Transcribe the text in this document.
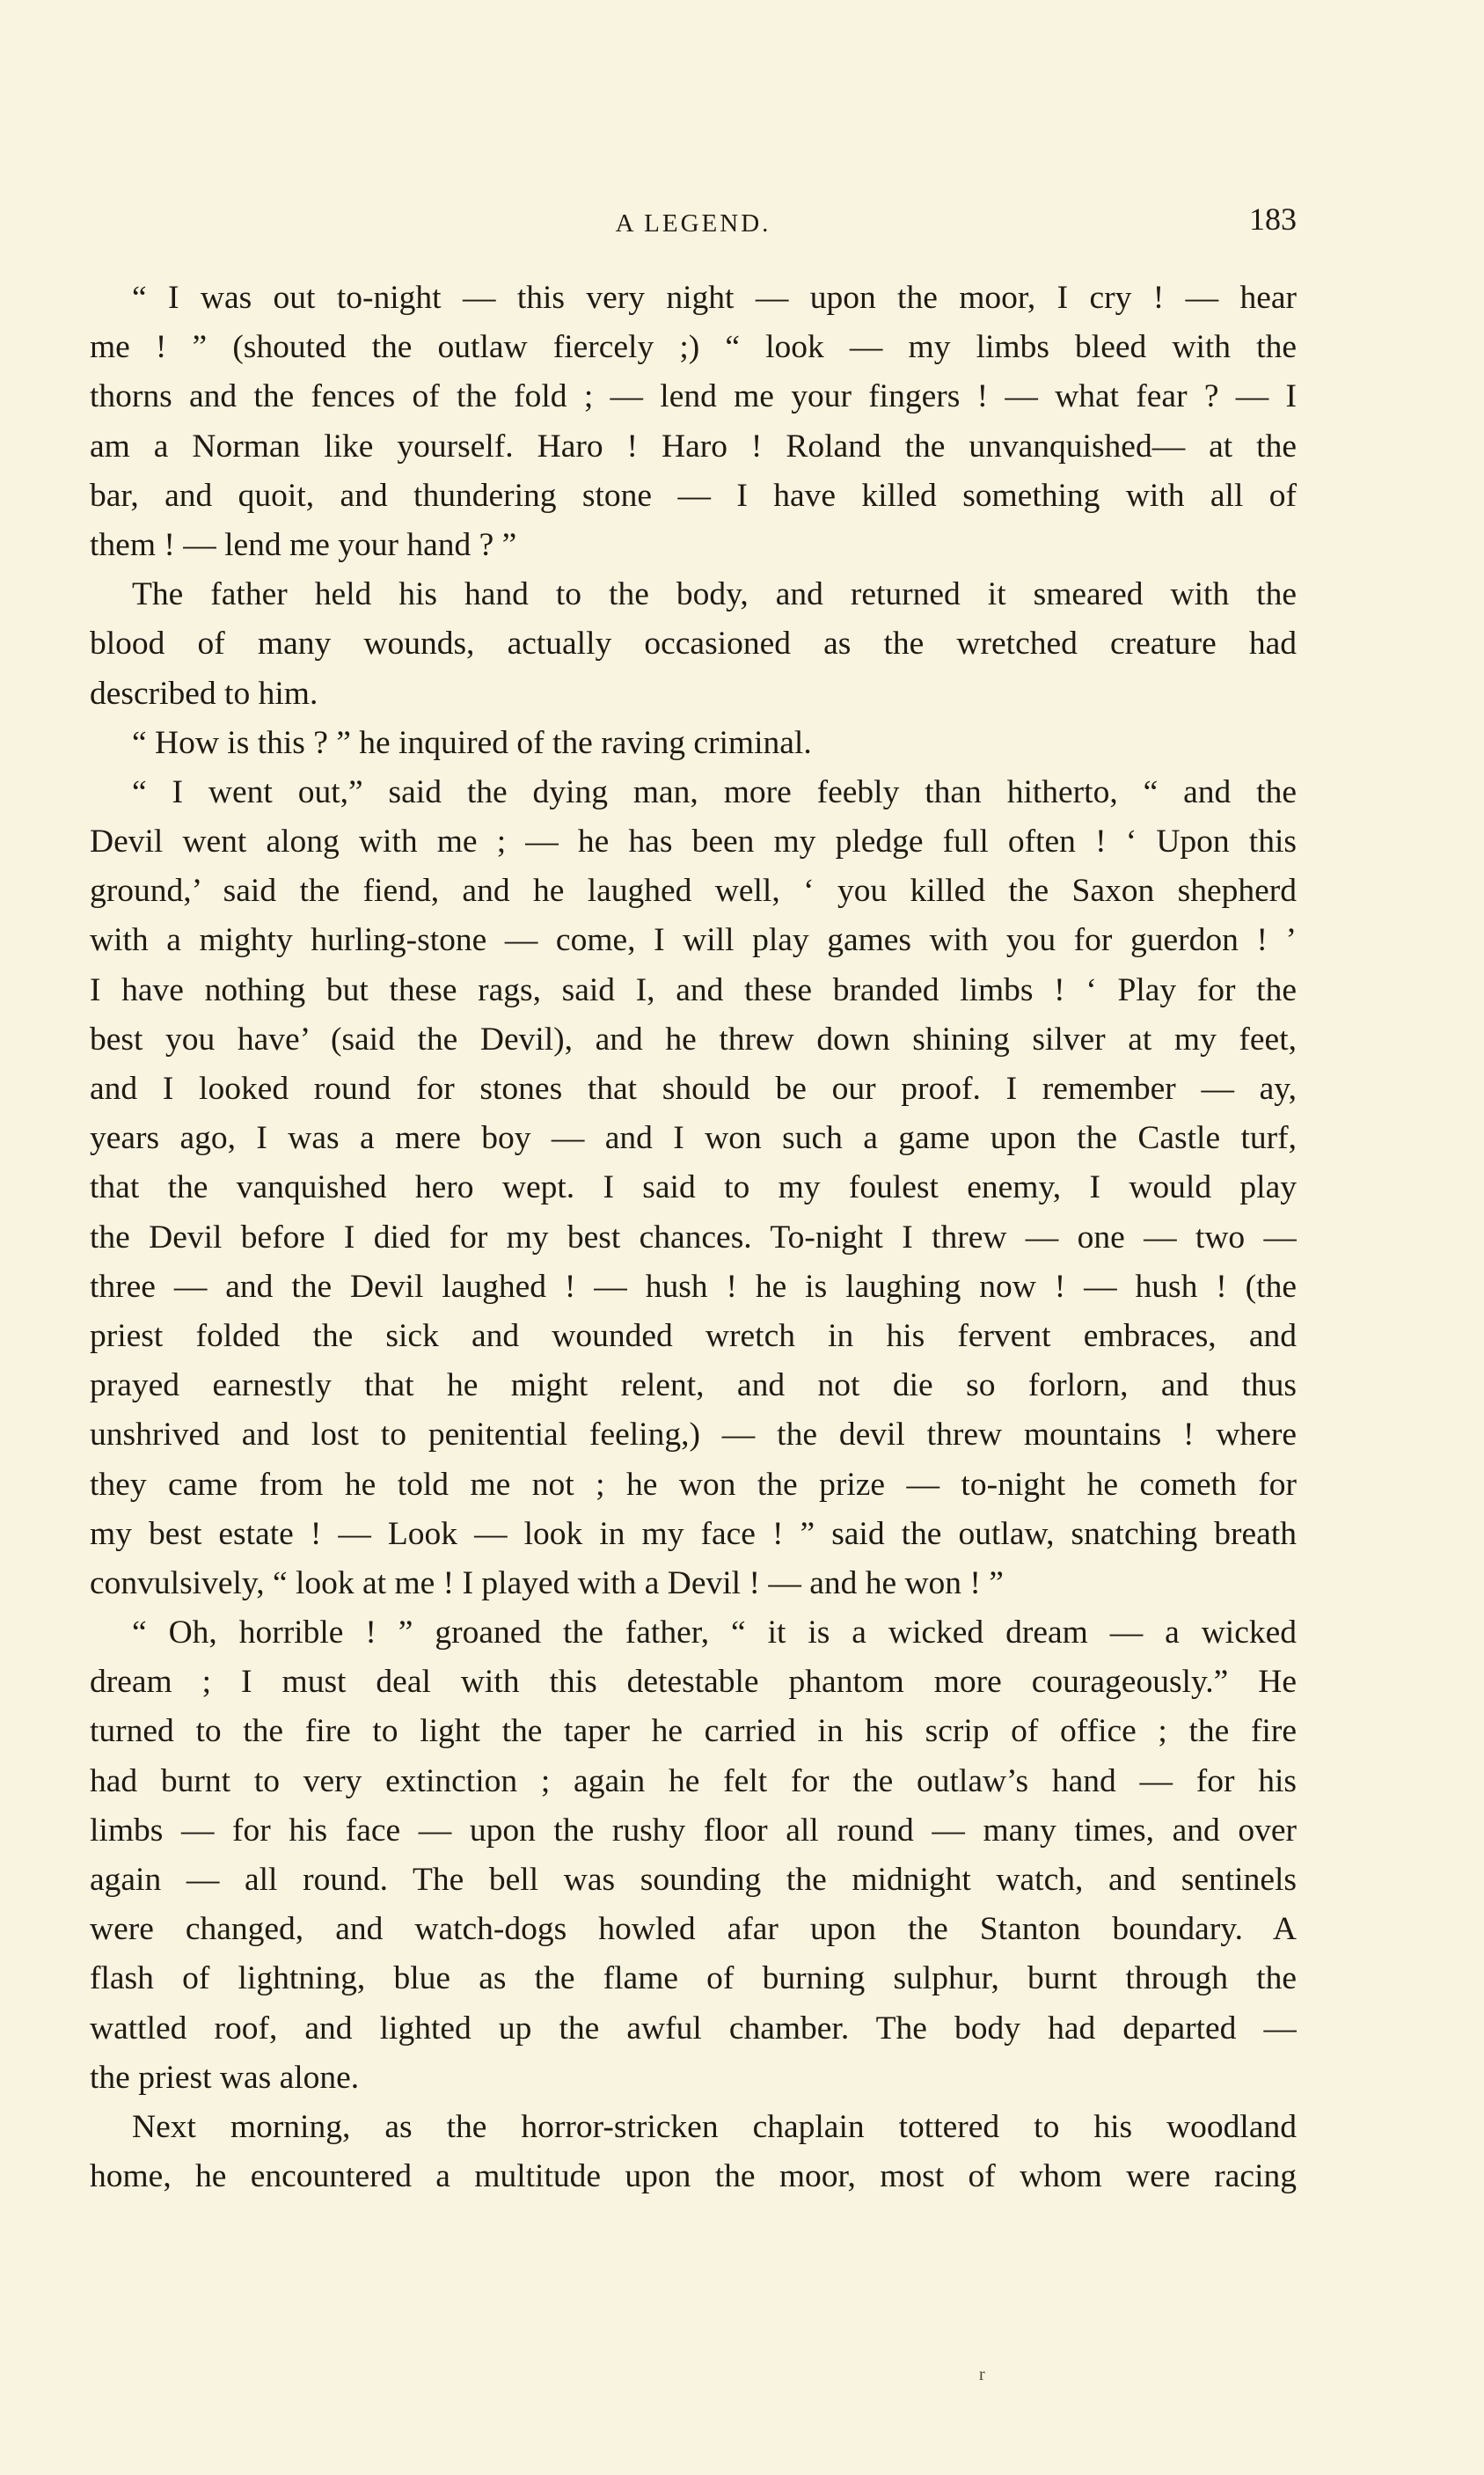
A LEGEND.	183
“ I was out to-night — this very night — upon the moor, I cry ! — hear
me ! ” (shouted the outlaw fiercely ;) “ look — my limbs bleed with the
thorns and the fences of the fold ; — lend me your fingers ! — what fear ? — I
am a Norman like yourself. Haro ! Haro ! Roland the unvanquished— at the
bar, and quoit, and thundering stone — I have killed something with all of
them ! — lend me your hand ? ”
The father held his hand to the body, and returned it smeared with the
blood of many wounds, actually occasioned as the wretched creature had
described to him.
“ How is this ? ” he inquired of the raving criminal.
“ I went out,” said the dying man, more feebly than hitherto, “ and the
Devil went along with me ; — he has been my pledge full often ! ‘ Upon this
ground,’ said the fiend, and he laughed well, ‘ you killed the Saxon shepherd
with a mighty hurling-stone — come, I will play games with you for guerdon ! ’
I have nothing but these rags, said I, and these branded limbs ! ‘ Play for the
best you have’ (said the Devil), and he threw down shining silver at my feet,
and I looked round for stones that should be our proof. I remember — ay,
years ago, I was a mere boy — and I won such a game upon the Castle turf,
that the vanquished hero wept. I said to my foulest enemy, I would play
the Devil before I died for my best chances. To-night I threw — one — two —
three — and the Devil laughed ! — hush ! he is laughing now ! — hush ! (the
priest folded the sick and wounded wretch in his fervent embraces, and
prayed earnestly that he might relent, and not die so forlorn, and thus
unshrived and lost to penitential feeling,) — the devil threw mountains ! where
they came from he told me not ; he won the prize — to-night he cometh for
my best estate ! — Look — look in my face ! ” said the outlaw, snatching breath
convulsively, “ look at me ! I played with a Devil ! — and he won ! ”
“ Oh, horrible ! ” groaned the father, “ it is a wicked dream — a wicked
dream ; I must deal with this detestable phantom more courageously.” He
turned to the fire to light the taper he carried in his scrip of office ; the fire
had burnt to very extinction ; again he felt for the outlaw’s hand — for his
limbs — for his face — upon the rushy floor all round — many times, and over
again — all round. The bell was sounding the midnight watch, and sentinels
were changed, and watch-dogs howled afar upon the Stanton boundary. A
flash of lightning, blue as the flame of burning sulphur, burnt through the
wattled roof, and lighted up the awful chamber. The body had departed —
the priest was alone.
Next morning, as the horror-stricken chaplain tottered to his woodland
home, he encountered a multitude upon the moor, most of whom were racing
r
